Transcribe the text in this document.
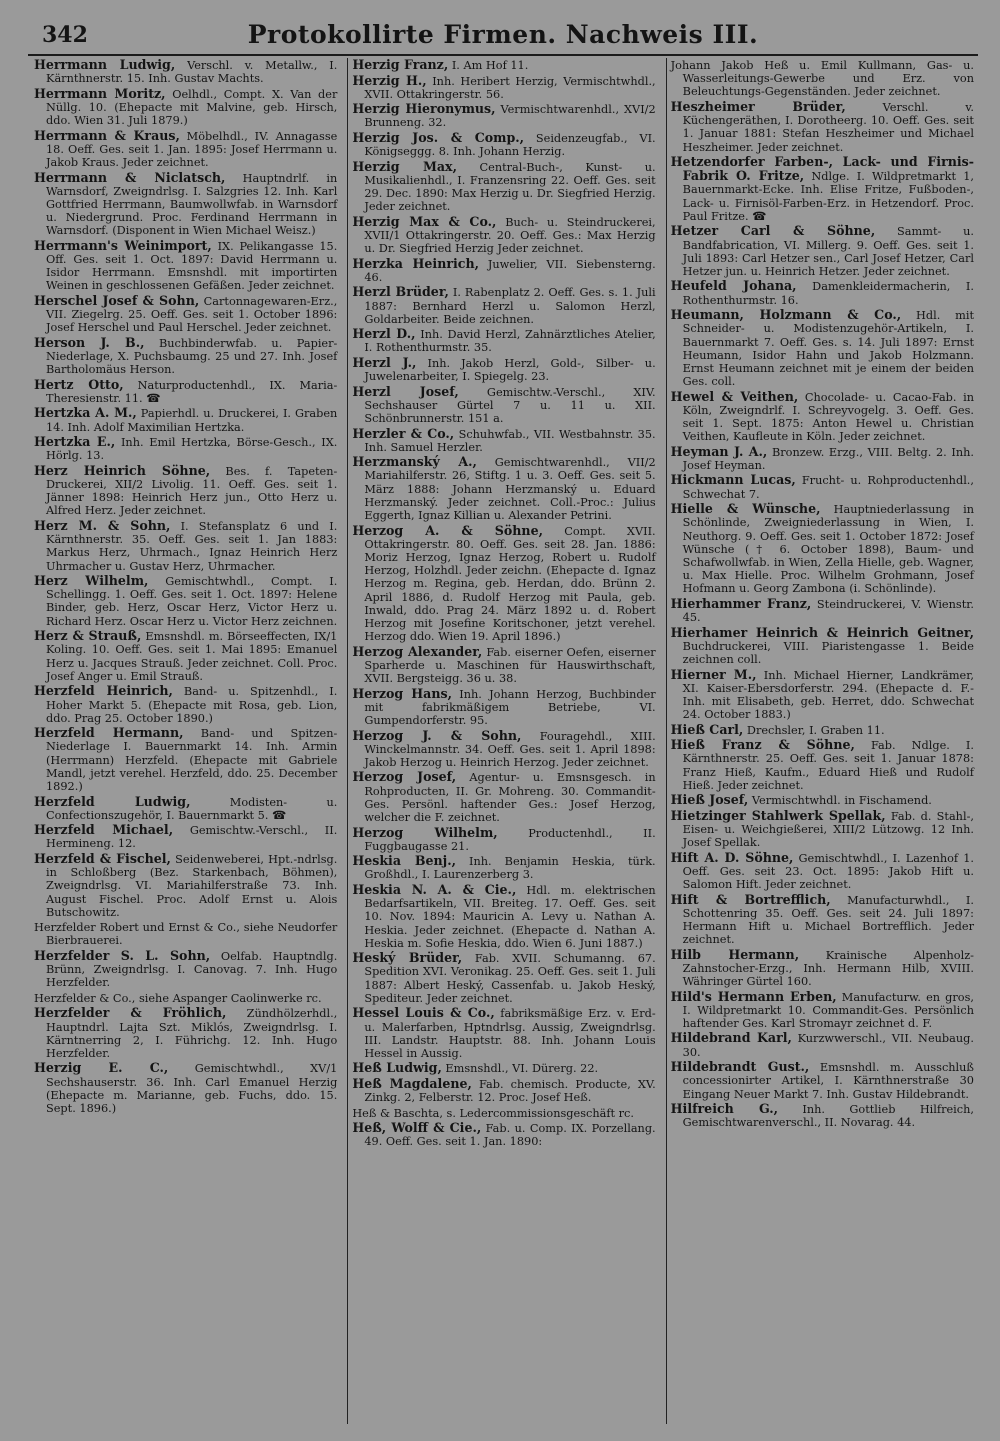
342	Protokollirte Firmen. Nachweis III.

Herrmann Ludwig, Verschl. v. Metallw., I. Kärnthnerstr. 15. Inh. Gustav Machts.

Herrmann Moritz, Oelhdl., Compt. X. Van der Nüllg. 10. (Ehepacte mit Malvine, geb. Hirsch, ddo. Wien 31. Juli 1879.)

Herrmann & Kraus, Möbelhdl., IV. Annagasse 18. Oeff. Ges. seit 1. Jan. 1895: Josef Herrmann u. Jakob Kraus. Jeder zeichnet.

Herrmann & Niclatsch, Hauptndrlf. in Warnsdorf, Zweigndrlsg. I. Salzgries 12. Inh. Karl Gottfried Herrmann, Baumwollwfab. in Warnsdorf u. Niedergrund. Proc. Ferdinand Herrmann in Warnsdorf. (Disponent in Wien Michael Weisz.)

Herrmann's Weinimport, IX. Pelikangasse 15. Off. Ges. seit 1. Oct. 1897: David Herrmann u. Isidor Herrmann. Emsnshdl. mit importirten Weinen in geschlossenen Gefäßen. Jeder zeichnet.

Herschel Josef & Sohn, Cartonnagewaren-Erz., VII. Ziegelrg. 25. Oeff. Ges. seit 1. October 1896: Josef Herschel und Paul Herschel. Jeder zeichnet.

Herson J. B., Buchbinderwfab. u. Papier-Niederlage, X. Puchsbaumg. 25 und 27. Inh. Josef Bartholomäus Herson.

Hertz Otto, Naturproductenhdl., IX. Maria-Theresienstr. 11. ☎

Hertzka A. M., Papierhdl. u. Druckerei, I. Graben 14. Inh. Adolf Maximilian Hertzka.

Hertzka E., Inh. Emil Hertzka, Börse-Gesch., IX. Hörlg. 13.

Herz Heinrich Söhne, Bes. f. Tapeten-Druckerei, XII/2 Livolig. 11. Oeff. Ges. seit 1. Jänner 1898: Heinrich Herz jun., Otto Herz u. Alfred Herz. Jeder zeichnet.

Herz M. & Sohn, I. Stefansplatz 6 und I. Kärnthnerstr. 35. Oeff. Ges. seit 1. Jan 1883: Markus Herz, Uhrmach., Ignaz Heinrich Herz Uhrmacher u. Gustav Herz, Uhrmacher.

Herz Wilhelm, Gemischtwhdl., Compt. I. Schellingg. 1. Oeff. Ges. seit 1. Oct. 1897: Helene Binder, geb. Herz, Oscar Herz, Victor Herz u. Richard Herz. Oscar Herz u. Victor Herz zeichnen.

Herz & Strauß, Emsnshdl. m. Börseeffecten, IX/1 Koling. 10. Oeff. Ges. seit 1. Mai 1895: Emanuel Herz u. Jacques Strauß. Jeder zeichnet. Coll. Proc. Josef Anger u. Emil Strauß.

Herzfeld Heinrich, Band- u. Spitzenhdl., I. Hoher Markt 5. (Ehepacte mit Rosa, geb. Lion, ddo. Prag 25. October 1890.)

Herzfeld Hermann, Band- und Spitzen-Niederlage I. Bauernmarkt 14. Inh. Armin (Herrmann) Herzfeld. (Ehepacte mit Gabriele Mandl, jetzt verehel. Herzfeld, ddo. 25. December 1892.)

Herzfeld Ludwig,	Modisten- u. Confectionszugehör, I. Bauernmarkt 5. ☎

Herzfeld Michael, Gemischtw.-Verschl., II. Hermineng. 12.

Herzfeld & Fischel, Seidenweberei, Hpt.-ndrlsg. in Schloßberg (Bez. Starkenbach, Böhmen), Zweigndrlsg. VI. Mariahilferstraße 73. Inh. August Fischel. Proc. Adolf Ernst u. Alois Butschowitz.

Herzfelder Robert und Ernst & Co., siehe Neudorfer Bierbrauerei.

Herzfelder S. L. Sohn, Oelfab. Hauptndlg. Brünn, Zweigndrlsg. I. Canovag. 7. Inh. Hugo Herzfelder.

Herzfelder & Co., siehe Aspanger Caolinwerke rc.

Herzfelder & Fröhlich, Zündhölzerhdl., Hauptndrl. Lajta Szt. Miklós, Zweigndrlsg. I. Kärntnerring 2, I. Führichg. 12. Inh. Hugo Herzfelder.

Herzig E. C., Gemischtwhdl., XV/1 Sechshauserstr. 36. Inh. Carl Emanuel Herzig (Ehepacte m. Marianne, geb. Fuchs, ddo. 15. Sept. 1896.)

Herzig Franz, I. Am Hof 11.

Herzig H., Inh. Heribert Herzig, Vermischtwhdl., XVII. Ottakringerstr. 56.

Herzig Hieronymus, Vermischtwarenhdl., XVI/2 Brunneng. 32.

Herzig Jos. & Comp., Seidenzeugfab., VI. Königseggg. 8. Inh. Johann Herzig.

Herzig Max, Central-Buch-, Kunst- u. Musikalienhdl., I. Franzensring 22. Oeff. Ges. seit 29. Dec. 1890: Max Herzig u. Dr. Siegfried Herzig. Jeder zeichnet.

Herzig Max & Co., Buch- u. Steindruckerei, XVII/1 Ottakringerstr. 20. Oeff. Ges.: Max Herzig u. Dr. Siegfried Herzig Jeder zeichnet.

Herzka Heinrich, Juwelier, VII. Siebensterng. 46.

Herzl Brüder, I. Rabenplatz 2. Oeff. Ges. s. 1. Juli 1887: Bernhard Herzl u. Salomon Herzl, Goldarbeiter. Beide zeichnen.

Herzl D., Inh. David Herzl, Zahnärztliches Atelier, I. Rothenthurmstr. 35.

Herzl J., Inh. Jakob Herzl, Gold-, Silber- u. Juwelenarbeiter, I. Spiegelg. 23.

Herzl Josef, Gemischtw.-Verschl., XIV. Sechshauser Gürtel 7 u. 11 u. XII. Schönbrunnerstr. 151 a.

Herzler & Co., Schuhwfab., VII. Westbahnstr. 35. Inh. Samuel Herzler.

Herzmanský A., Gemischtwarenhdl., VII/2 Mariahilferstr. 26, Stiftg. 1 u. 3. Oeff. Ges. seit 5. März 1888: Johann Herzmanský u. Eduard Herzmanský. Jeder zeichnet. Coll.-Proc.: Julius Eggerth, Ignaz Killian u. Alexander Petrini.

Herzog A. & Söhne, Compt. XVII. Ottakringerstr. 80. Oeff. Ges. seit 28. Jan. 1886: Moriz Herzog, Ignaz Herzog, Robert u. Rudolf Herzog, Holzhdl. Jeder zeichn. (Ehepacte d. Ignaz Herzog m. Regina, geb. Herdan, ddo. Brünn 2. April 1886, d. Rudolf Herzog mit Paula, geb. Inwald, ddo. Prag 24. März 1892 u. d. Robert Herzog mit Josefine Koritschoner, jetzt verehel. Herzog ddo. Wien 19. April 1896.)

Herzog Alexander, Fab. eiserner Oefen, eiserner Sparherde u. Maschinen für Hauswirthschaft, XVII. Bergsteigg. 36 u. 38.

Herzog Hans, Inh. Johann Herzog, Buchbinder mit fabrikmäßigem Betriebe, VI. Gumpendorferstr. 95.

Herzog J. & Sohn, Fouragehdl., XIII. Winckelmannstr. 34. Oeff. Ges. seit 1. April 1898: Jakob Herzog u. Heinrich Herzog. Jeder zeichnet.

Herzog Josef, Agentur- u. Emsnsgesch. in Rohproducten, II. Gr. Mohreng. 30. Commandit-Ges. Persönl. haftender Ges.: Josef Herzog, welcher die F. zeichnet.

Herzog Wilhelm,	Productenhdl., II. Fuggbaugasse 21.

Heskia Benj., Inh. Benjamin Heskia, türk. Großhdl., I. Laurenzerberg 3.

Heskia N. A. & Cie., Hdl. m. elektrischen Bedarfsartikeln, VII. Breiteg. 17. Oeff. Ges. seit 10. Nov. 1894: Mauricin A. Levy u. Nathan A. Heskia. Jeder zeichnet. (Ehepacte d. Nathan A. Heskia m. Sofie Heskia, ddo. Wien 6. Juni 1887.)

Heský Brüder, Fab. XVII. Schumanng. 67. Spedition XVI. Veronikag. 25. Oeff. Ges. seit 1. Juli 1887: Albert Heský, Cassenfab. u. Jakob Heský, Spediteur. Jeder zeichnet.

Hessel Louis & Co., fabriksmäßige Erz. v. Erd- u. Malerfarben, Hptndrlsg. Aussig, Zweigndrlsg. III. Landstr. Hauptstr. 88. Inh. Johann Louis Hessel in Aussig.

Heß Ludwig, Emsnshdl., VI. Dürerg. 22.

Heß Magdalene, Fab. chemisch. Producte, XV. Zinkg. 2, Felberstr. 12. Proc. Josef Heß.

Heß & Baschta, s. Ledercommissionsgeschäft rc.

Heß, Wolff & Cie., Fab. u. Comp. IX. Porzellang. 49. Oeff. Ges. seit 1. Jan. 1890:

Johann Jakob Heß u. Emil Kullmann, Gas- u. Wasserleitungs-Gewerbe und Erz. von Beleuchtungs-Gegenständen. Jeder zeichnet.

Heszheimer Brüder,	Verschl. v. Küchengeräthen, I. Dorotheerg. 10. Oeff. Ges. seit 1. Januar 1881: Stefan Heszheimer und Michael Heszheimer. Jeder zeichnet.

Hetzendorfer Farben-, Lack- und Firnis-Fabrik O. Fritze, Ndlge. I. Wildpretmarkt 1, Bauernmarkt-Ecke. Inh. Elise Fritze, Fußboden-, Lack- u. Firnisöl-Farben-Erz. in Hetzendorf. Proc. Paul Fritze. ☎

Hetzer Carl & Söhne, Sammt- u. Bandfabrication, VI. Millerg. 9. Oeff. Ges. seit 1. Juli 1893: Carl Hetzer sen., Carl Josef Hetzer, Carl Hetzer jun. u. Heinrich Hetzer. Jeder zeichnet.

Heufeld Johana, Damenkleidermacherin, I. Rothenthurmstr. 16.

Heumann, Holzmann & Co., Hdl. mit Schneider- u. Modistenzugehör-Artikeln, I. Bauernmarkt 7. Oeff. Ges. s. 14. Juli 1897: Ernst Heumann, Isidor Hahn und Jakob Holzmann. Ernst Heumann zeichnet mit je einem der beiden Ges. coll.

Hewel & Veithen, Chocolade- u. Cacao-Fab. in Köln, Zweigndrlf. I. Schreyvogelg. 3. Oeff. Ges. seit 1. Sept. 1875: Anton Hewel u. Christian Veithen, Kaufleute in Köln. Jeder zeichnet.

Heyman J. A., Bronzew. Erzg., VIII. Beltg. 2. Inh. Josef Heyman.

Hickmann Lucas, Frucht- u. Rohproductenhdl., Schwechat 7.

Hielle & Wünsche, Hauptniederlassung in Schönlinde, Zweigniederlassung in Wien, I. Neuthorg. 9. Oeff. Ges. seit 1. October 1872: Josef Wünsche († 6. October 1898), Baum- und Schafwollwfab. in Wien, Zella Hielle, geb. Wagner, u. Max Hielle. Proc. Wilhelm Grohmann, Josef Hofmann u. Georg Zambona (i. Schönlinde).

Hierhammer Franz, Steindruckerei, V. Wienstr. 45.

Hierhamer Heinrich & Heinrich Geitner, Buchdruckerei, VIII. Piaristengasse 1. Beide zeichnen coll.

Hierner M., Inh. Michael Hierner, Landkrämer, XI. Kaiser-Ebersdorferstr. 294. (Ehepacte d. F.-Inh. mit Elisabeth, geb. Herret, ddo. Schwechat 24. October 1883.)

Hieß Carl, Drechsler, I. Graben 11.

Hieß Franz & Söhne, Fab. Ndlge. I. Kärnthnerstr. 25. Oeff. Ges. seit 1. Januar 1878: Franz Hieß, Kaufm., Eduard Hieß und Rudolf Hieß. Jeder zeichnet.

Hieß Josef, Vermischtwhdl. in Fischamend.

Hietzinger Stahlwerk Spellak, Fab. d. Stahl-, Eisen- u. Weichgießerei, XIII/2 Lützowg. 12 Inh. Josef Spellak.

Hift A. D. Söhne, Gemischtwhdl., I. Lazenhof 1. Oeff. Ges. seit 23. Oct. 1895: Jakob Hift u. Salomon Hift. Jeder zeichnet.

Hift & Bortrefflich, Manufacturwhdl., I. Schottenring 35. Oeff. Ges. seit 24. Juli 1897: Hermann Hift u. Michael Bortrefflich. Jeder zeichnet.

Hilb Hermann, Krainische Alpenholz-Zahnstocher-Erzg., Inh. Hermann Hilb, XVIII. Währinger Gürtel 160.

Hild's Hermann Erben, Manufacturw. en gros, I. Wildpretmarkt 10. Commandit-Ges. Persönlich haftender Ges. Karl Stromayr zeichnet d. F.

Hildebrand Karl, Kurzwwerschl., VII. Neubaug. 30.

Hildebrandt Gust., Emsnshdl. m. Ausschluß concessionirter Artikel, I. Kärnthnerstraße 30 Eingang Neuer Markt 7. Inh. Gustav Hildebrandt.

Hilfreich G., Inh. Gottlieb Hilfreich, Gemischtwarenverschl., II. Novarag. 44.
